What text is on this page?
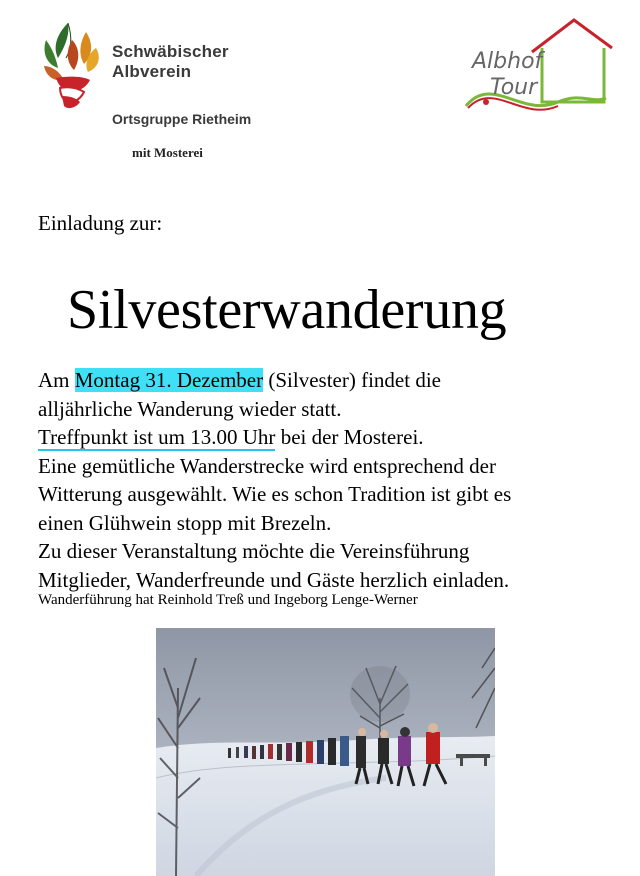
Schwäbischer
Albverein
Ortsgruppe Rietheim
mit Mosterei
Albhof
Tour
Einladung zur:
Silvesterwanderung

Am Montag 31. Dezember (Silvester) findet die

alljährliche Wanderung wieder statt.

Treffpunkt ist um 13.00 Uhr bei der Mosterei.

Eine gemütliche Wanderstrecke wird entsprechend der

Witterung ausgewählt. Wie es schon Tradition ist gibt es

einen Glühwein stopp mit Brezeln.

Zu dieser Veranstaltung möchte die Vereinsführung

Mitglieder, Wanderfreunde und Gäste herzlich einladen.

Wanderführung hat Reinhold Treß und Ingeborg Lenge-Werner
